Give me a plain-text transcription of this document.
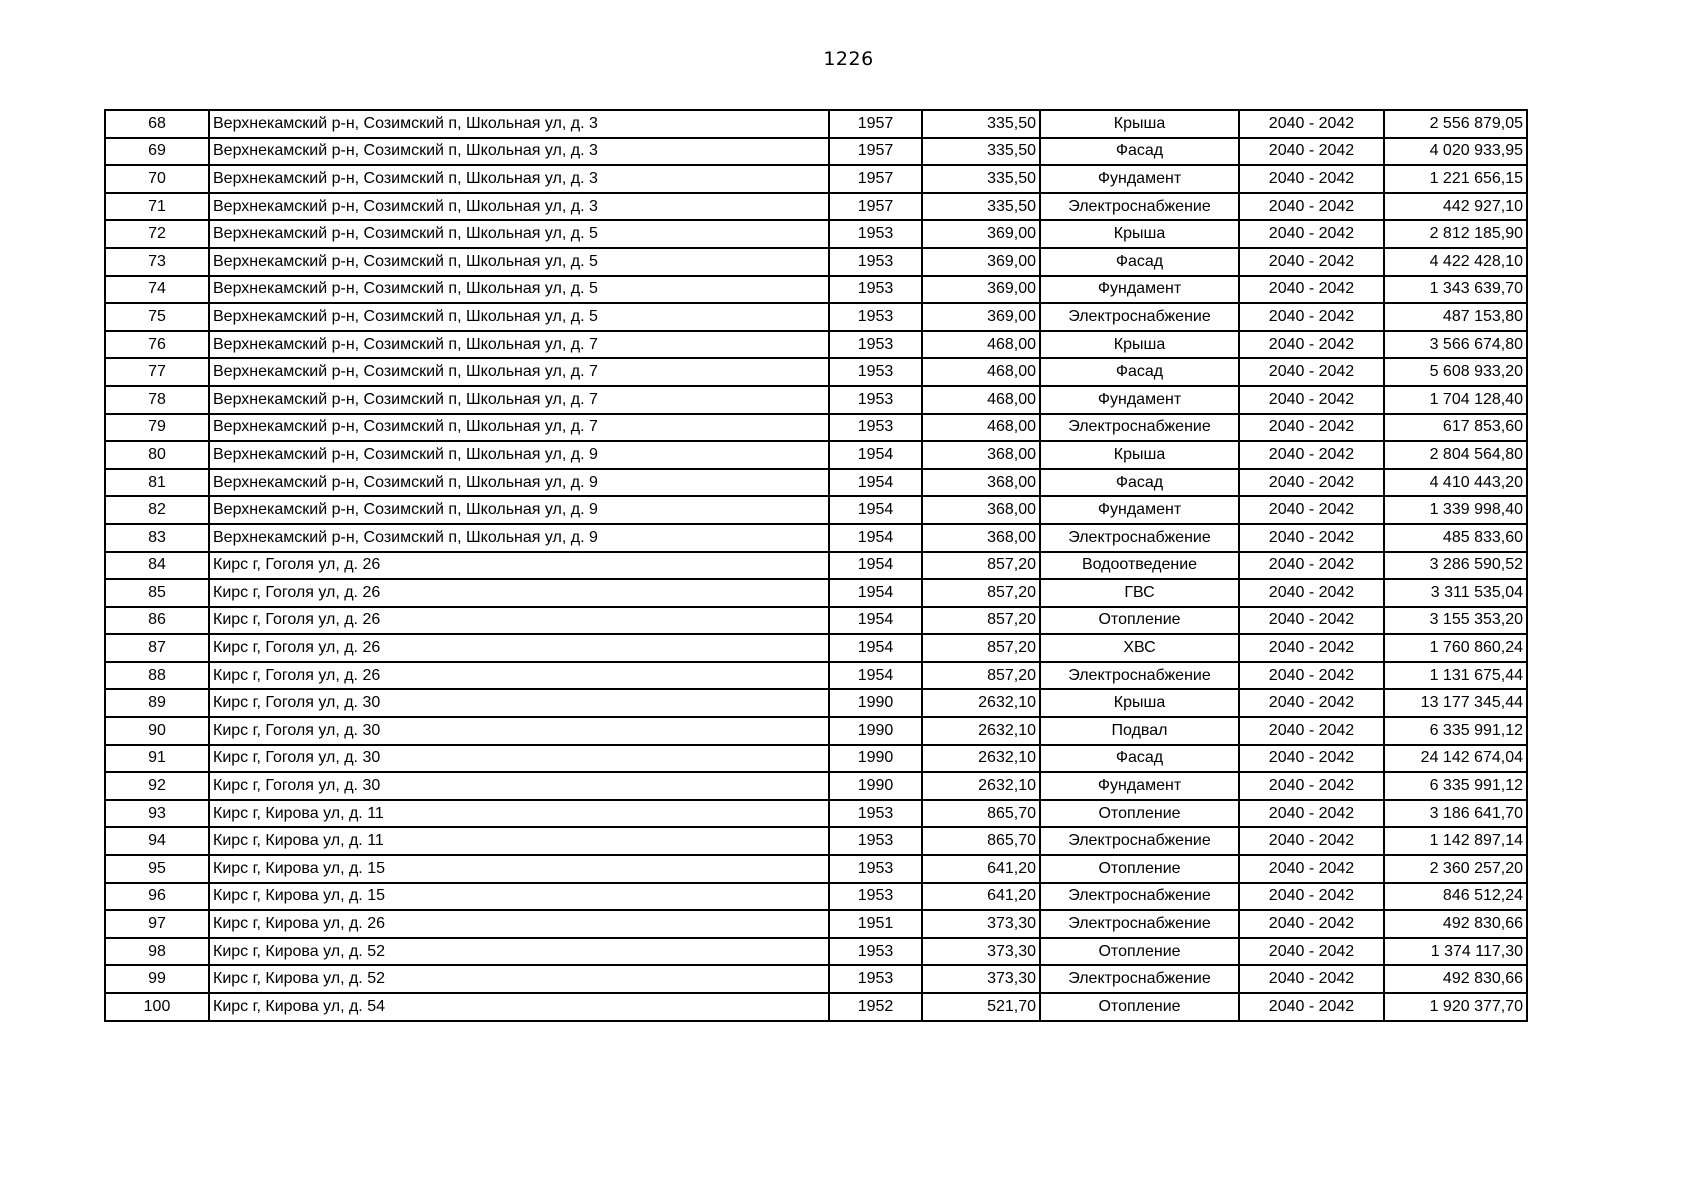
1226
68	Верхнекамский р-н, Созимский п, Школьная ул, д. 3	1957	335,50	Крыша	2040 - 2042	2 556 879,05
69	Верхнекамский р-н, Созимский п, Школьная ул, д. 3	1957	335,50	Фасад	2040 - 2042	4 020 933,95
70	Верхнекамский р-н, Созимский п, Школьная ул, д. 3	1957	335,50	Фундамент	2040 - 2042	1 221 656,15
71	Верхнекамский р-н, Созимский п, Школьная ул, д. 3	1957	335,50	Электроснабжение	2040 - 2042	442 927,10
72	Верхнекамский р-н, Созимский п, Школьная ул, д. 5	1953	369,00	Крыша	2040 - 2042	2 812 185,90
73	Верхнекамский р-н, Созимский п, Школьная ул, д. 5	1953	369,00	Фасад	2040 - 2042	4 422 428,10
74	Верхнекамский р-н, Созимский п, Школьная ул, д. 5	1953	369,00	Фундамент	2040 - 2042	1 343 639,70
75	Верхнекамский р-н, Созимский п, Школьная ул, д. 5	1953	369,00	Электроснабжение	2040 - 2042	487 153,80
76	Верхнекамский р-н, Созимский п, Школьная ул, д. 7	1953	468,00	Крыша	2040 - 2042	3 566 674,80
77	Верхнекамский р-н, Созимский п, Школьная ул, д. 7	1953	468,00	Фасад	2040 - 2042	5 608 933,20
78	Верхнекамский р-н, Созимский п, Школьная ул, д. 7	1953	468,00	Фундамент	2040 - 2042	1 704 128,40
79	Верхнекамский р-н, Созимский п, Школьная ул, д. 7	1953	468,00	Электроснабжение	2040 - 2042	617 853,60
80	Верхнекамский р-н, Созимский п, Школьная ул, д. 9	1954	368,00	Крыша	2040 - 2042	2 804 564,80
81	Верхнекамский р-н, Созимский п, Школьная ул, д. 9	1954	368,00	Фасад	2040 - 2042	4 410 443,20
82	Верхнекамский р-н, Созимский п, Школьная ул, д. 9	1954	368,00	Фундамент	2040 - 2042	1 339 998,40
83	Верхнекамский р-н, Созимский п, Школьная ул, д. 9	1954	368,00	Электроснабжение	2040 - 2042	485 833,60
84	Кирс г, Гоголя ул, д. 26	1954	857,20	Водоотведение	2040 - 2042	3 286 590,52
85	Кирс г, Гоголя ул, д. 26	1954	857,20	ГВС	2040 - 2042	3 311 535,04
86	Кирс г, Гоголя ул, д. 26	1954	857,20	Отопление	2040 - 2042	3 155 353,20
87	Кирс г, Гоголя ул, д. 26	1954	857,20	ХВС	2040 - 2042	1 760 860,24
88	Кирс г, Гоголя ул, д. 26	1954	857,20	Электроснабжение	2040 - 2042	1 131 675,44
89	Кирс г, Гоголя ул, д. 30	1990	2632,10	Крыша	2040 - 2042	13 177 345,44
90	Кирс г, Гоголя ул, д. 30	1990	2632,10	Подвал	2040 - 2042	6 335 991,12
91	Кирс г, Гоголя ул, д. 30	1990	2632,10	Фасад	2040 - 2042	24 142 674,04
92	Кирс г, Гоголя ул, д. 30	1990	2632,10	Фундамент	2040 - 2042	6 335 991,12
93	Кирс г, Кирова ул, д. 11	1953	865,70	Отопление	2040 - 2042	3 186 641,70
94	Кирс г, Кирова ул, д. 11	1953	865,70	Электроснабжение	2040 - 2042	1 142 897,14
95	Кирс г, Кирова ул, д. 15	1953	641,20	Отопление	2040 - 2042	2 360 257,20
96	Кирс г, Кирова ул, д. 15	1953	641,20	Электроснабжение	2040 - 2042	846 512,24
97	Кирс г, Кирова ул, д. 26	1951	373,30	Электроснабжение	2040 - 2042	492 830,66
98	Кирс г, Кирова ул, д. 52	1953	373,30	Отопление	2040 - 2042	1 374 117,30
99	Кирс г, Кирова ул, д. 52	1953	373,30	Электроснабжение	2040 - 2042	492 830,66
100	Кирс г, Кирова ул, д. 54	1952	521,70	Отопление	2040 - 2042	1 920 377,70
